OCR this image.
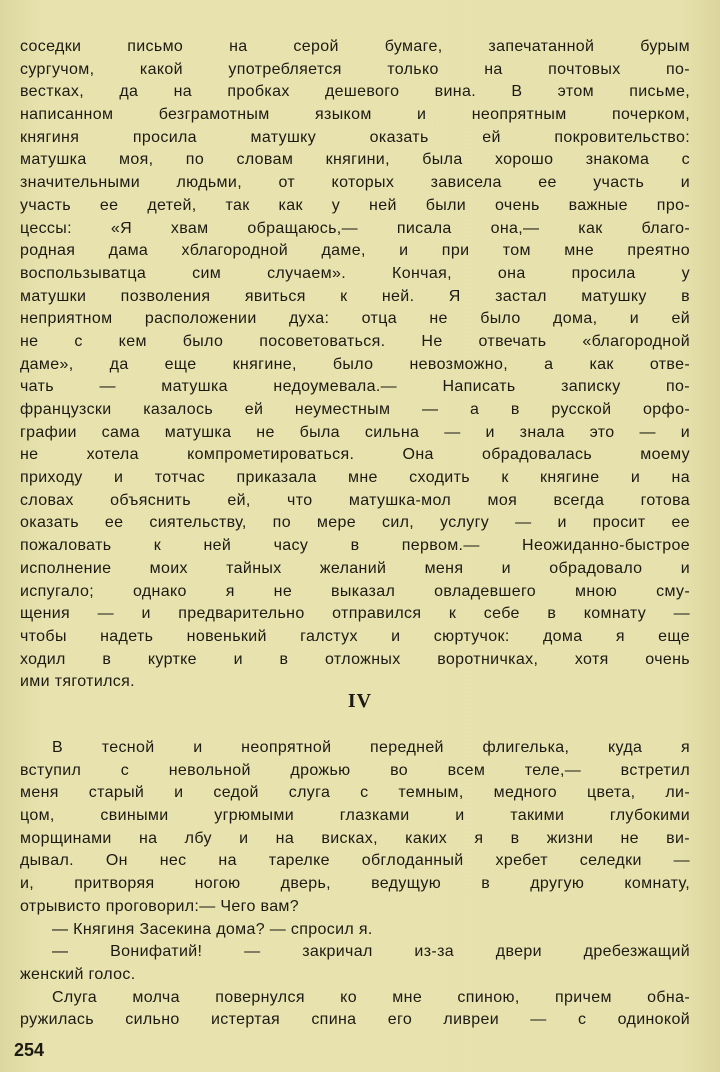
соседки письмо на серой бумаге, запечатанной бурым
сургучом, какой употребляется только на почтовых по-
вестках, да на пробках дешевого вина. В этом письме,
написанном безграмотным языком и неопрятным почерком,
княгиня просила матушку оказать ей покровительство:
матушка моя, по словам княгини, была хорошо знакома с
значительными людьми, от которых зависела ее участь и
участь ее детей, так как у ней были очень важные про-
цессы: «Я хвам обращаюсь,— писала она,— как благо-
родная дама хблагородной даме, и при том мне преятно
воспользыватца сим случаем». Кончая, она просила у
матушки позволения явиться к ней. Я застал матушку в
неприятном расположении духа: отца не было дома, и ей
не с кем было посоветоваться. Не отвечать «благородной
даме», да еще княгине, было невозможно, а как отве-
чать — матушка недоумевала.— Написать записку по-
французски казалось ей неуместным — а в русской орфо-
графии сама матушка не была сильна — и знала это — и
не хотела компрометироваться. Она обрадовалась моему
приходу и тотчас приказала мне сходить к княгине и на
словах объяснить ей, что матушка-мол моя всегда готова
оказать ее сиятельству, по мере сил, услугу — и просит ее
пожаловать к ней часу в первом.— Неожиданно-быстрое
исполнение моих тайных желаний меня и обрадовало и
испугало; однако я не выказал овладевшего мною сму-
щения — и предварительно отправился к себе в комнату —
чтобы надеть новенький галстух и сюртучок: дома я еще
ходил в куртке и в отложных воротничках, хотя очень
ими тяготился.
IV
В тесной и неопрятной передней флигелька, куда я
вступил с невольной дрожью во всем теле,— встретил
меня старый и седой слуга с темным, медного цвета, ли-
цом, свиными угрюмыми глазками и такими глубокими
морщинами на лбу и на висках, каких я в жизни не ви-
дывал. Он нес на тарелке обглоданный хребет селедки —
и, притворяя ногою дверь, ведущую в другую комнату,
отрывисто проговорил:— Чего вам?
— Княгиня Засекина дома? — спросил я.
— Вонифатий! — закричал из-за двери дребезжащий
женский голос.
Слуга молча повернулся ко мне спиною, причем обна-
ружилась сильно истертая спина его ливреи — с одинокой

254
